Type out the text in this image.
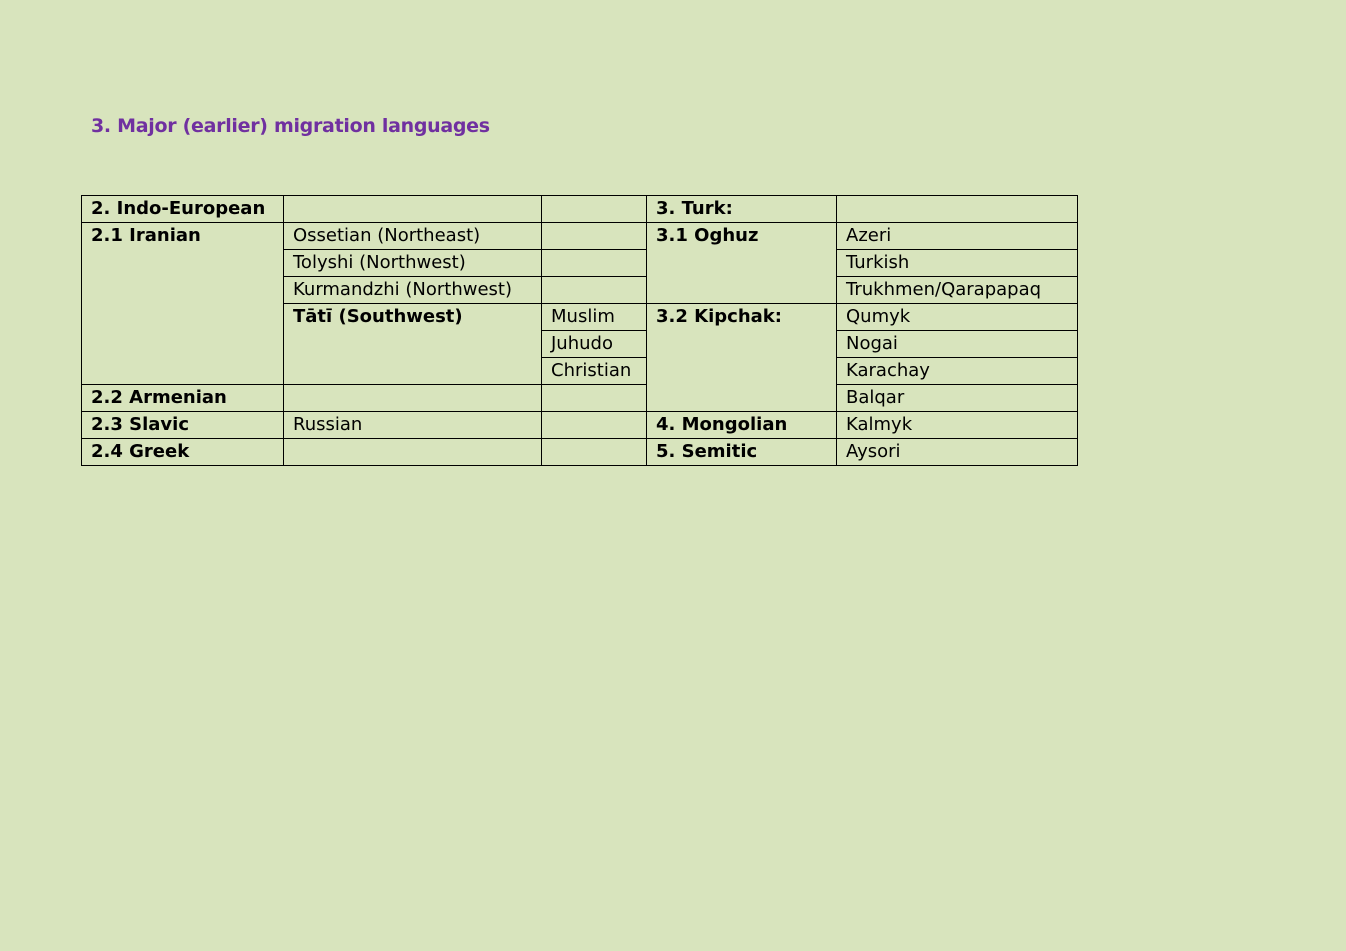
3. Major (earlier) migration languages
2. Indo-European			3. Turk:	
2.1 Iranian	Ossetian (Northeast)		3.1 Oghuz	Azeri
	Tolyshi (Northwest)			Turkish
	Kurmandzhi (Northwest)			Trukhmen/Qarapapaq
	Tātī (Southwest)	Muslim	3.2 Kipchak:	Qumyk
		Juhudo		Nogai
		Christian		Karachay
2.2 Armenian				Balqar
2.3 Slavic	Russian		4. Mongolian	Kalmyk
2.4 Greek			5. Semitic	Aysori
